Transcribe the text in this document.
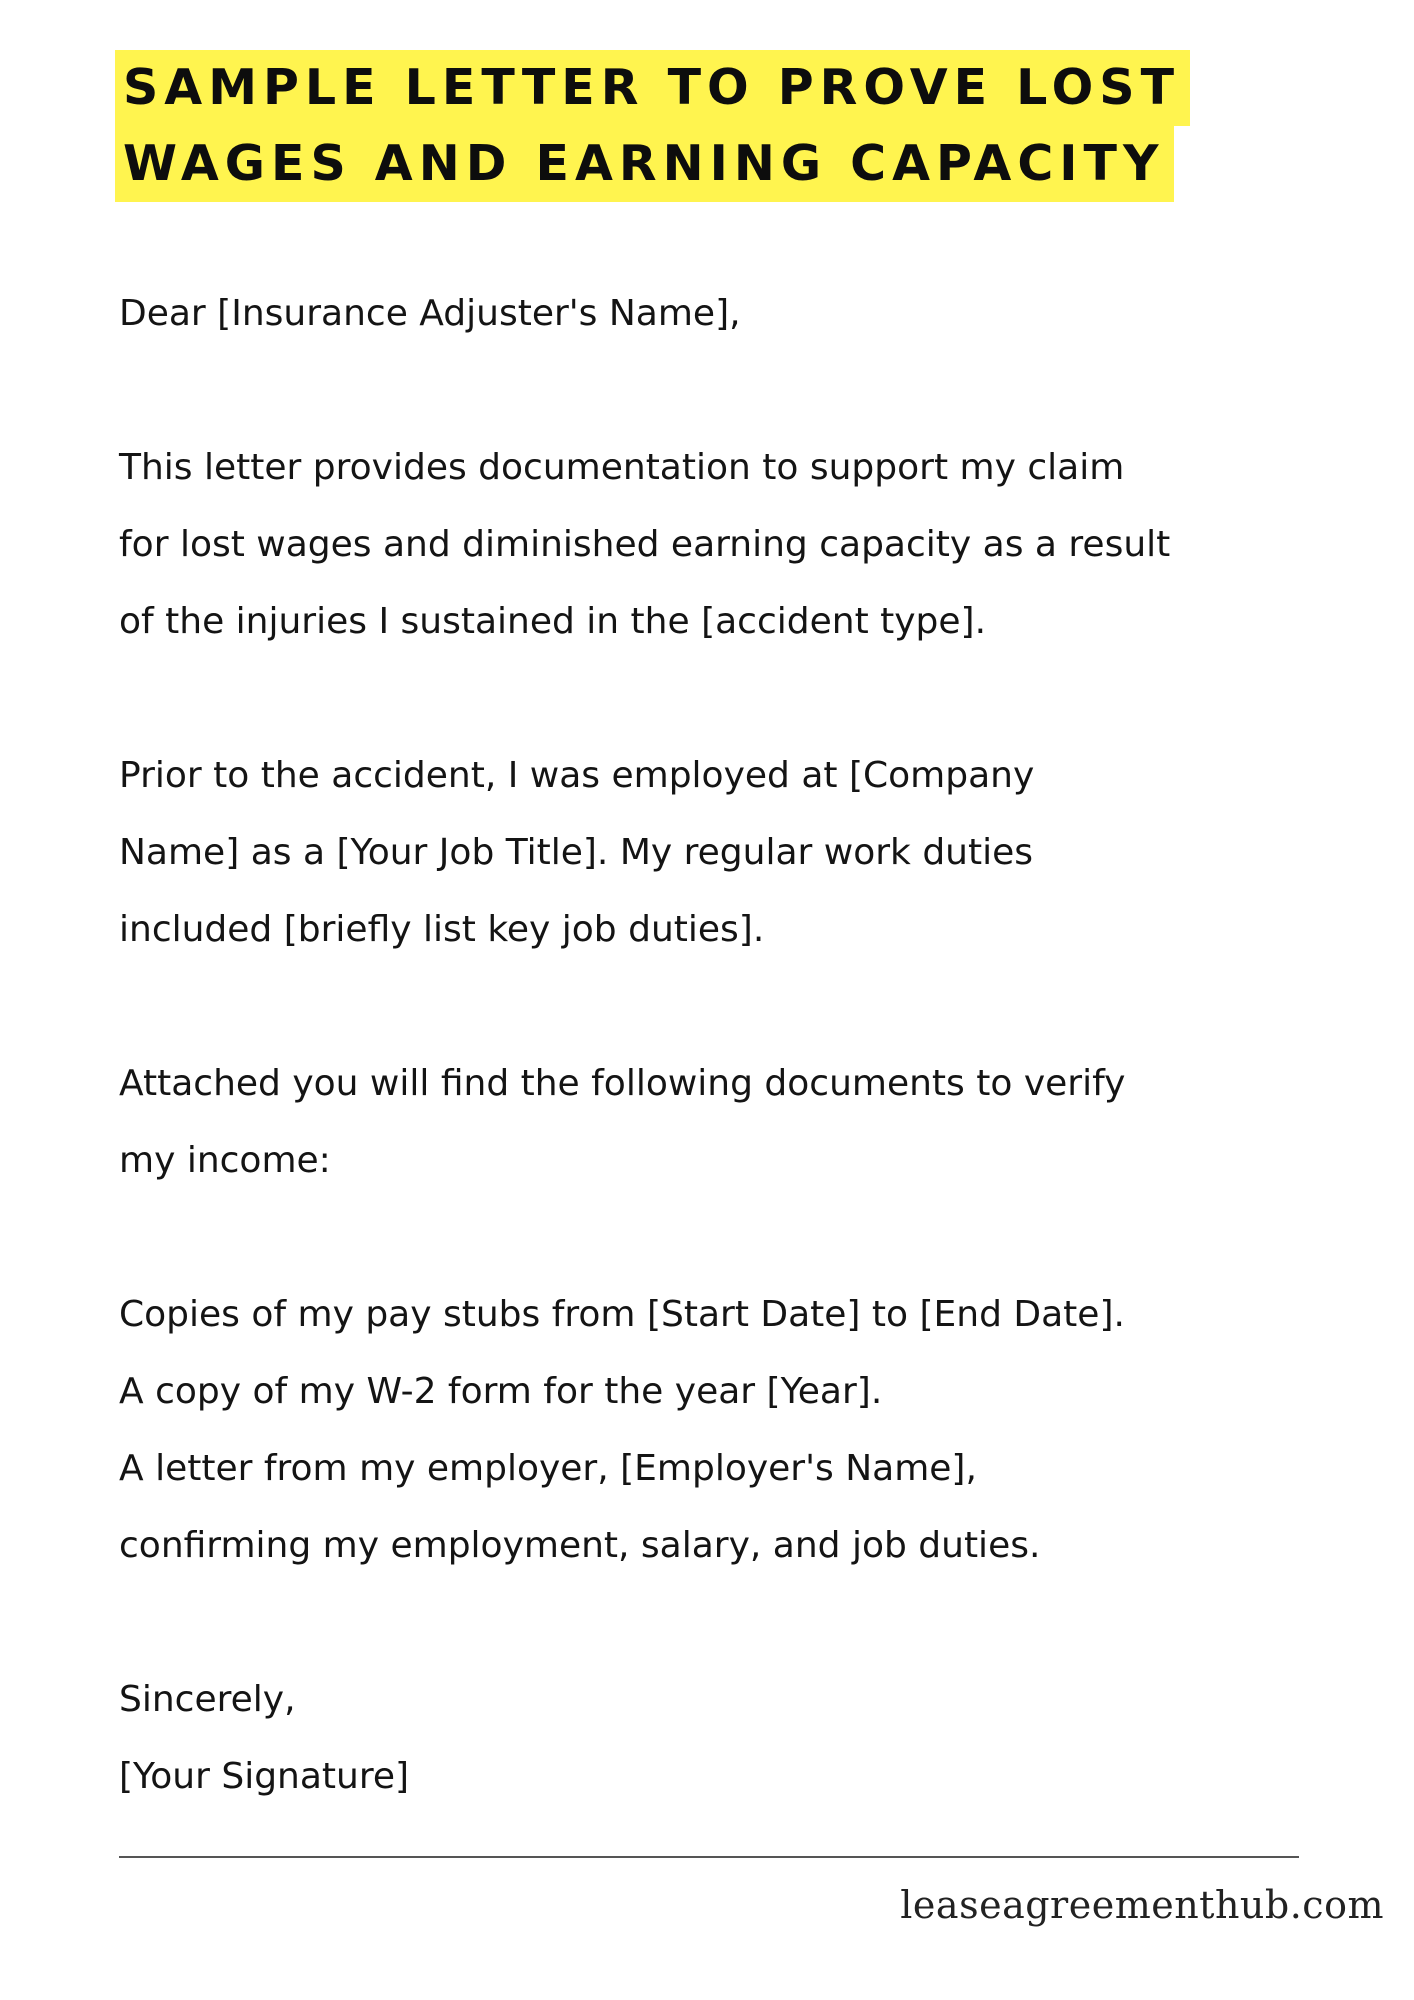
SAMPLE LETTER TO PROVE LOST
WAGES AND EARNING CAPACITY

Dear [Insurance Adjuster's Name],

This letter provides documentation to support my claim
for lost wages and diminished earning capacity as a result
of the injuries I sustained in the [accident type].

Prior to the accident, I was employed at [Company
Name] as a [Your Job Title]. My regular work duties
included [briefly list key job duties].

Attached you will find the following documents to verify
my income:

Copies of my pay stubs from [Start Date] to [End Date].
A copy of my W-2 form for the year [Year].
A letter from my employer, [Employer's Name],
confirming my employment, salary, and job duties.

Sincerely,
[Your Signature]

leaseagreementhub.com
